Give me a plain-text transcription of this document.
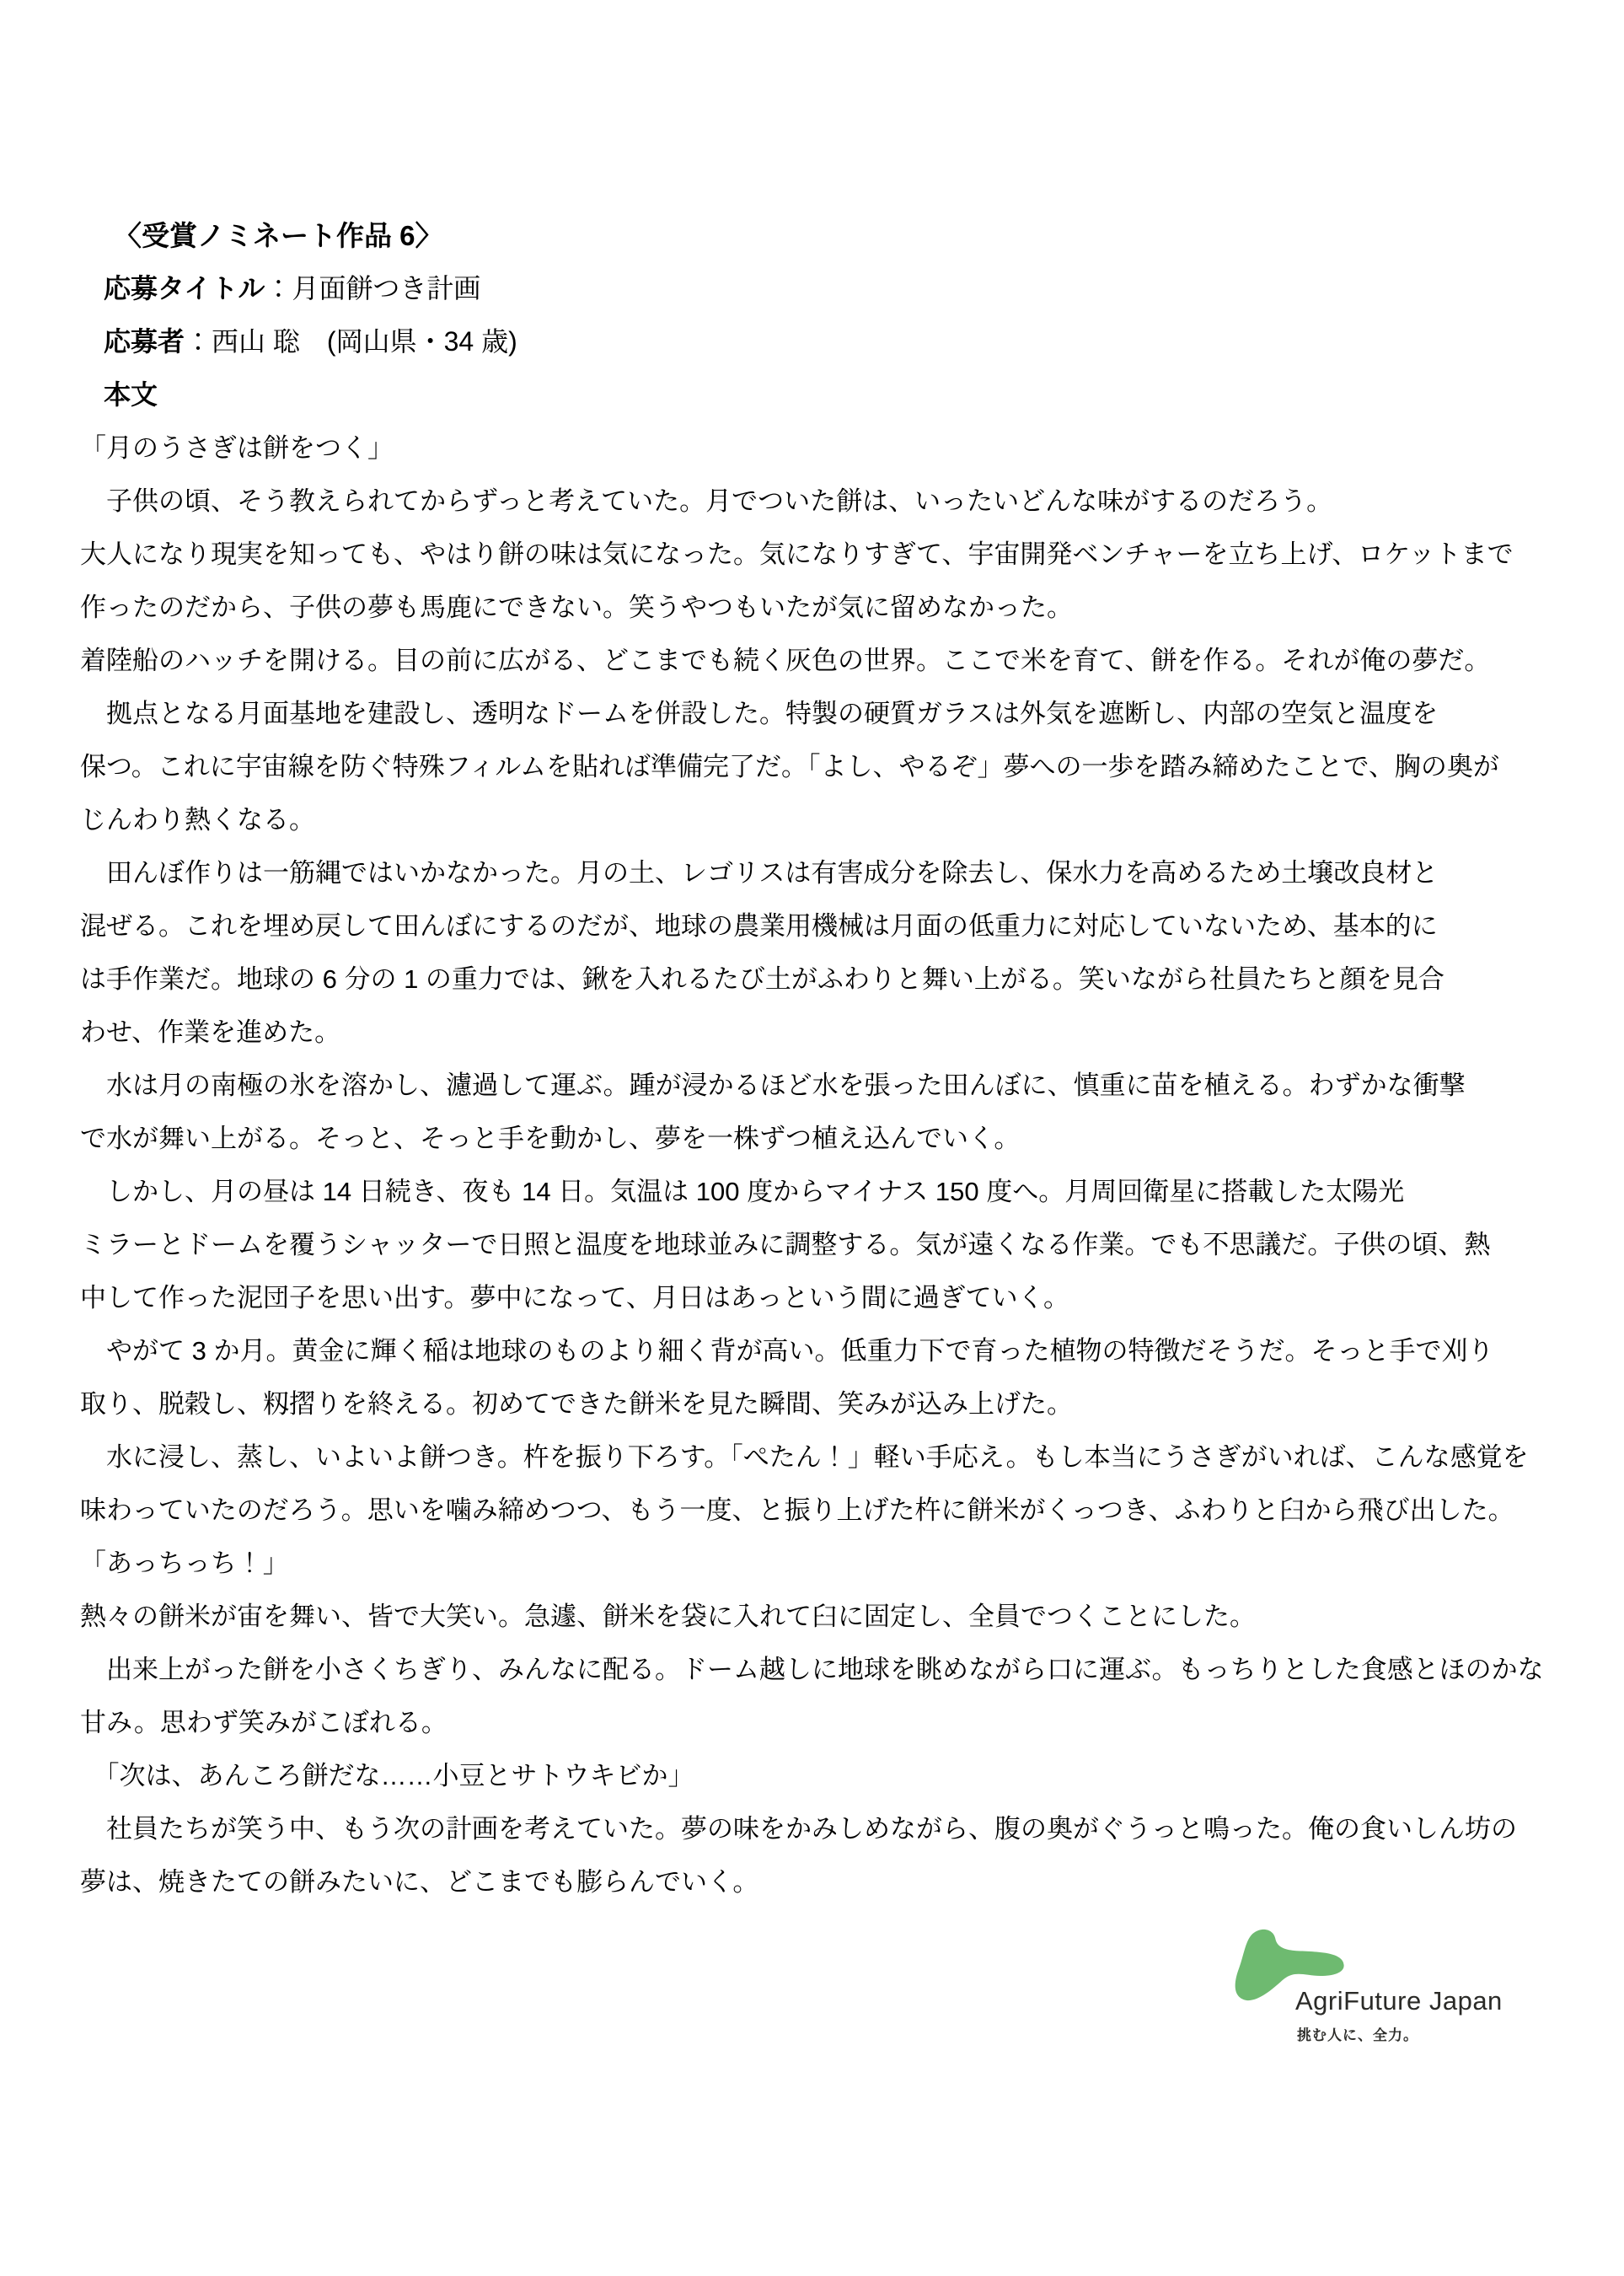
〈受賞ノミネート作品 6〉
応募タイトル：月面餅つき計画
応募者：西山 聡　(岡山県・34 歳)
本文
「月のうさぎは餅をつく」
　子供の頃、そう教えられてからずっと考えていた。月でついた餅は、いったいどんな味がするのだろう。
大人になり現実を知っても、やはり餅の味は気になった。気になりすぎて、宇宙開発ベンチャーを立ち上げ、ロケットまで
作ったのだから、子供の夢も馬鹿にできない。笑うやつもいたが気に留めなかった。
着陸船のハッチを開ける。目の前に広がる、どこまでも続く灰色の世界。ここで米を育て、餅を作る。それが俺の夢だ。
　拠点となる月面基地を建設し、透明なドームを併設した。特製の硬質ガラスは外気を遮断し、内部の空気と温度を
保つ。これに宇宙線を防ぐ特殊フィルムを貼れば準備完了だ。「よし、やるぞ」夢への一歩を踏み締めたことで、胸の奥が
じんわり熱くなる。
　田んぼ作りは一筋縄ではいかなかった。月の土、レゴリスは有害成分を除去し、保水力を高めるため土壌改良材と
混ぜる。これを埋め戻して田んぼにするのだが、地球の農業用機械は月面の低重力に対応していないため、基本的に
は手作業だ。地球の 6 分の 1 の重力では、鍬を入れるたび土がふわりと舞い上がる。笑いながら社員たちと顔を見合
わせ、作業を進めた。
　水は月の南極の氷を溶かし、濾過して運ぶ。踵が浸かるほど水を張った田んぼに、慎重に苗を植える。わずかな衝撃
で水が舞い上がる。そっと、そっと手を動かし、夢を一株ずつ植え込んでいく。
　しかし、月の昼は 14 日続き、夜も 14 日。気温は 100 度からマイナス 150 度へ。月周回衛星に搭載した太陽光
ミラーとドームを覆うシャッターで日照と温度を地球並みに調整する。気が遠くなる作業。でも不思議だ。子供の頃、熱
中して作った泥団子を思い出す。夢中になって、月日はあっという間に過ぎていく。
　やがて 3 か月。黄金に輝く稲は地球のものより細く背が高い。低重力下で育った植物の特徴だそうだ。そっと手で刈り
取り、脱穀し、籾摺りを終える。初めてできた餅米を見た瞬間、笑みが込み上げた。
　水に浸し、蒸し、いよいよ餅つき。杵を振り下ろす。「ぺたん！」軽い手応え。もし本当にうさぎがいれば、こんな感覚を
味わっていたのだろう。思いを噛み締めつつ、もう一度、と振り上げた杵に餅米がくっつき、ふわりと臼から飛び出した。
「あっちっち！」
熱々の餅米が宙を舞い、皆で大笑い。急遽、餅米を袋に入れて臼に固定し、全員でつくことにした。
　出来上がった餅を小さくちぎり、みんなに配る。ドーム越しに地球を眺めながら口に運ぶ。もっちりとした食感とほのかな
甘み。思わず笑みがこぼれる。
　「次は、あんころ餅だな……小豆とサトウキビか」
　社員たちが笑う中、もう次の計画を考えていた。夢の味をかみしめながら、腹の奥がぐうっと鳴った。俺の食いしん坊の
夢は、焼きたての餅みたいに、どこまでも膨らんでいく。
AgriFuture Japan
挑む人に、全力。
